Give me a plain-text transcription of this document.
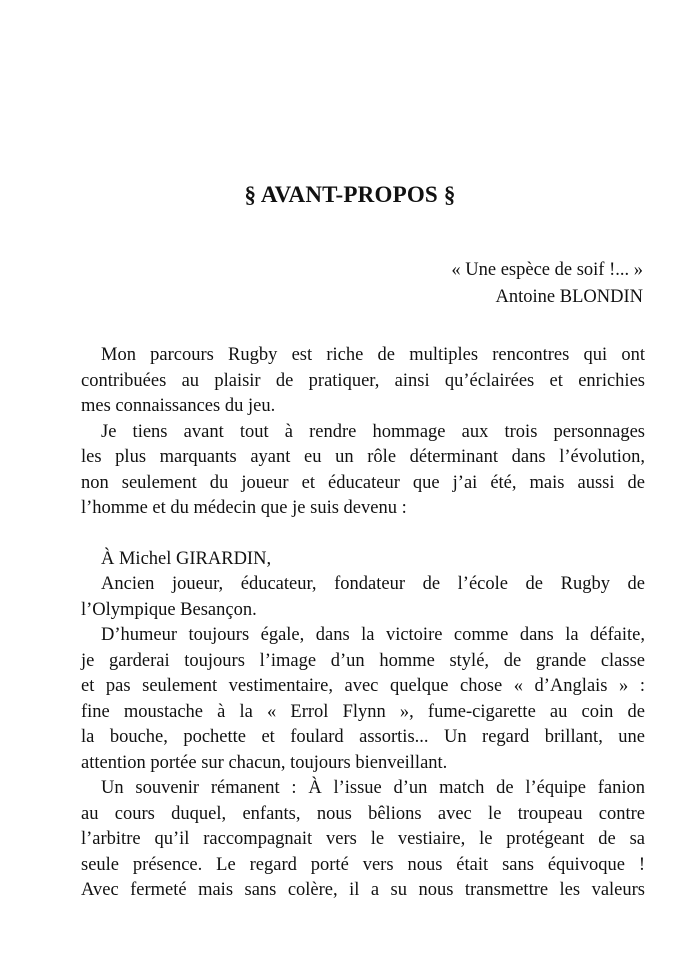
§ AVANT-PROPOS §
« Une espèce de soif !... »
Antoine BLONDIN
Mon parcours Rugby est riche de multiples rencontres qui ont
contribuées au plaisir de pratiquer, ainsi qu’éclairées et enrichies
mes connaissances du jeu.
Je tiens avant tout à rendre hommage aux trois personnages
les plus marquants ayant eu un rôle déterminant dans l’évolution,
non seulement du joueur et éducateur que j’ai été, mais aussi de
l’homme et du médecin que je suis devenu :
À Michel GIRARDIN,
Ancien joueur, éducateur, fondateur de l’école de Rugby de
l’Olympique Besançon.
D’humeur toujours égale, dans la victoire comme dans la défaite,
je garderai toujours l’image d’un homme stylé, de grande classe
et pas seulement vestimentaire, avec quelque chose « d’Anglais » :
fine moustache à la « Errol Flynn », fume-cigarette au coin de
la bouche, pochette et foulard assortis... Un regard brillant, une
attention portée sur chacun, toujours bienveillant.
Un souvenir rémanent : À l’issue d’un match de l’équipe fanion
au cours duquel, enfants, nous bêlions avec le troupeau contre
l’arbitre qu’il raccompagnait vers le vestiaire, le protégeant de sa
seule présence. Le regard porté vers nous était sans équivoque !
Avec fermeté mais sans colère, il a su nous transmettre les valeurs
